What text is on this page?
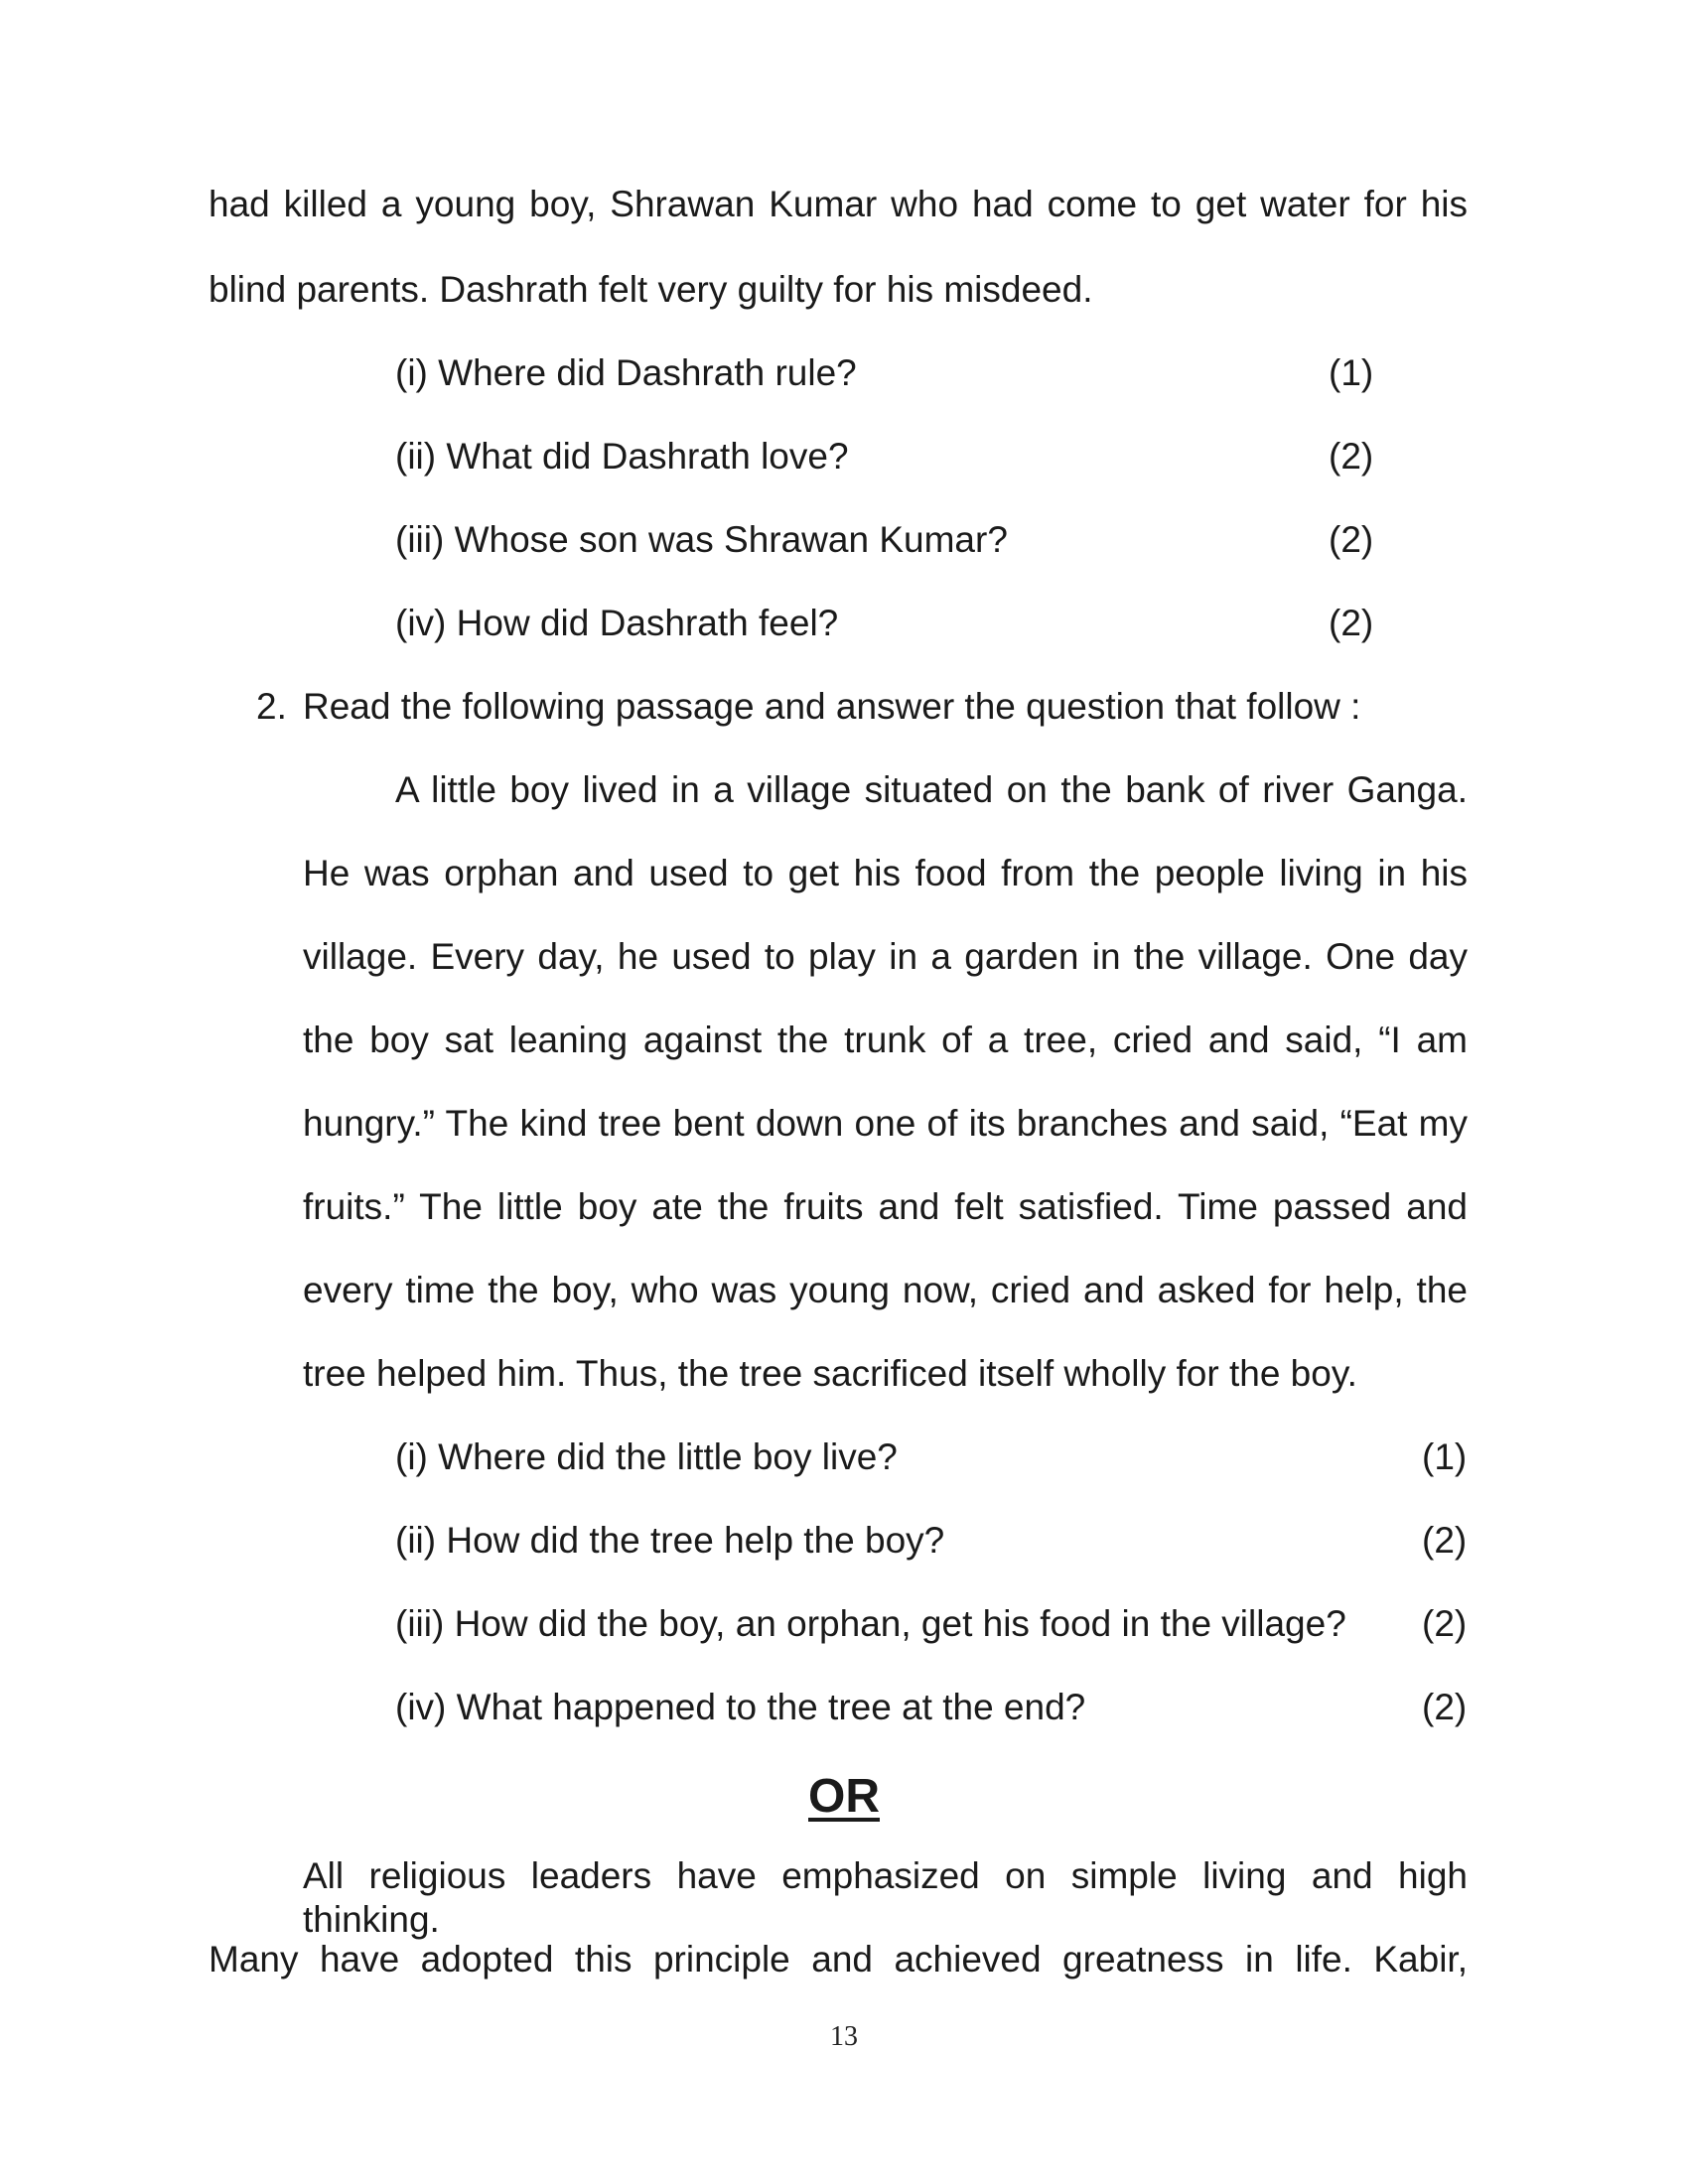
had killed a young boy, Shrawan Kumar who had come to get water for his
blind parents. Dashrath felt very guilty for his misdeed.
(i) Where did Dashrath rule?	(1)
(ii) What did Dashrath love?	(2)
(iii) Whose son was Shrawan Kumar?	(2)
(iv) How did Dashrath feel?	(2)
2. Read the following passage and answer the question that follow :
A little boy lived in a village situated on the bank of river Ganga.
He was orphan and used to get his food from the people living in his
village. Every day, he used to play in a garden in the village. One day
the boy sat leaning against the trunk of a tree, cried and said, “I am
hungry.” The kind tree bent down one of its branches and said, “Eat my
fruits.” The little boy ate the fruits and felt satisfied. Time passed and
every time the boy, who was young now, cried and asked for help, the
tree helped him. Thus, the tree sacrificed itself wholly for the boy.
(i) Where did the little boy live?	(1)
(ii) How did the tree help the boy?	(2)
(iii) How did the boy, an orphan, get his food in the village? (2)
(iv) What happened to the tree at the end?	(2)
OR
All religious leaders have emphasized on simple living and high thinking.
Many have adopted this principle and achieved greatness in life. Kabir,
13
